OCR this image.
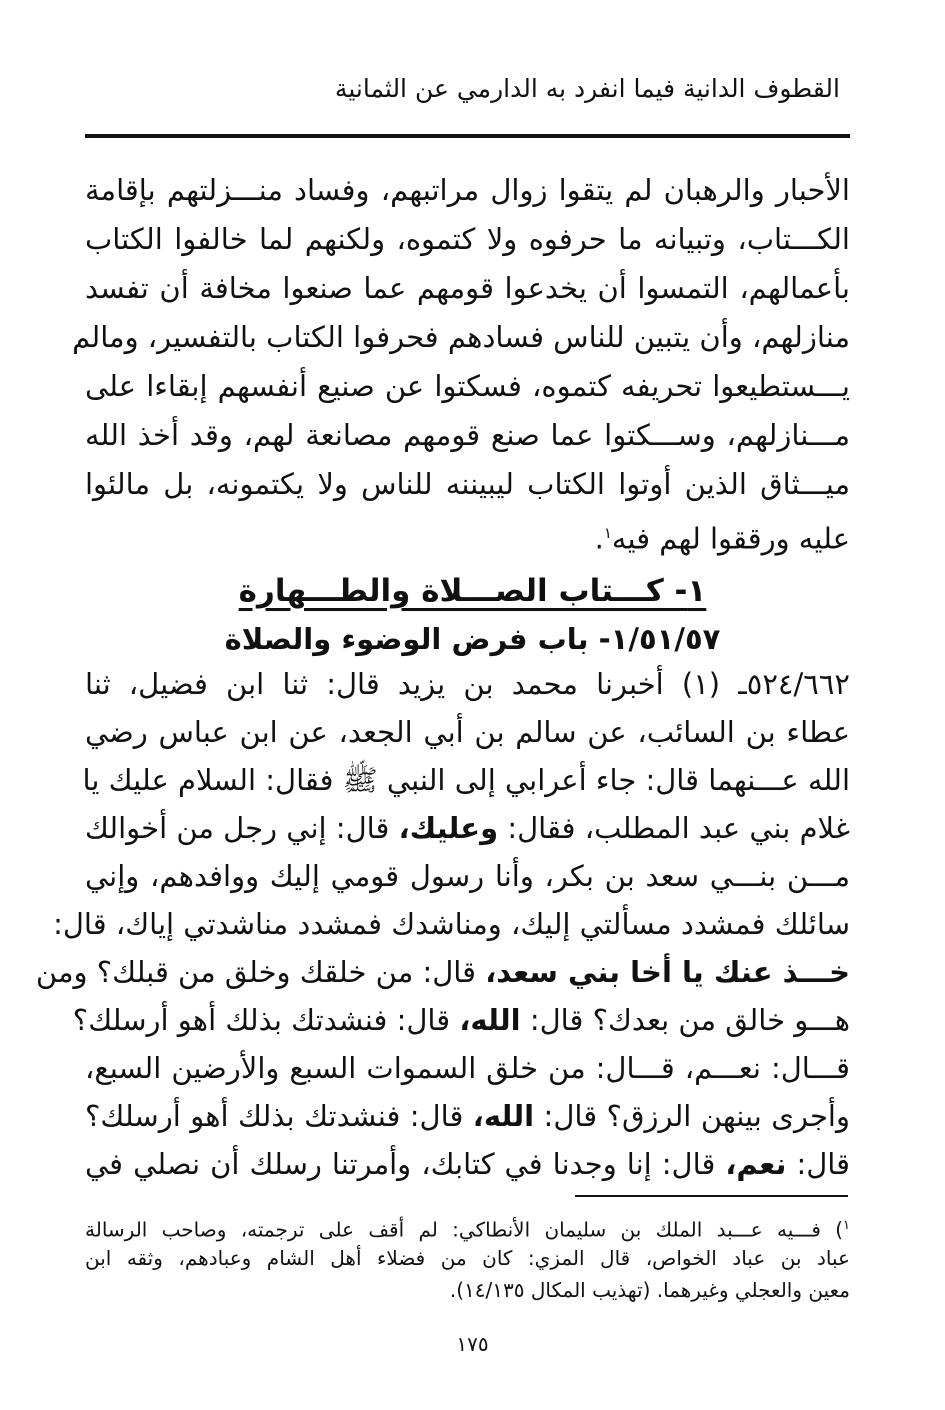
القطوف الدانية فيما انفرد به الدارمي عن الثمانية
الأحبار والرهبان لم يتقوا زوال مراتبهم، وفساد منـــزلتهم بإقامة
الكـــتاب، وتبيانه ما حرفوه ولا كتموه، ولكنهم لما خالفوا الكتاب
بأعمالهم، التمسوا أن يخدعوا قومهم عما صنعوا مخافة أن تفسد
منازلهم، وأن يتبين للناس فسادهم فحرفوا الكتاب بالتفسير، ومالم
يـــستطيعوا تحريفه كتموه، فسكتوا عن صنيع أنفسهم إبقاءا على
مـــنازلهم، وســـكتوا عما صنع قومهم مصانعة لهم، وقد أخذ الله
ميـــثاق الذين أوتوا الكتاب ليبيننه للناس ولا يكتمونه، بل مالئوا
عليه ورققوا لهم فيه$^١$.
١- كـــتاب الصـــلاة والطـــهارة
١/٥١/٥٧- باب فرض الوضوء والصلاة
٥٢٤/٦٦٢ـ (١) أخبرنا محمد بن يزيد قال: ثنا ابن فضيل، ثنا
عطاء بن السائب، عن سالم بن أبي الجعد، عن ابن عباس رضي
الله عـــنهما قال: جاء أعرابي إلى النبي ﷺ فقال: السلام عليك يا
غلام بني عبد المطلب، فقال: وعليك، قال: إني رجل من أخوالك
مـــن بنـــي سعد بن بكر، وأنا رسول قومي إليك ووافدهم، وإني
سائلك فمشدد مسألتي إليك، ومناشدك فمشدد مناشدتي إياك، قال:
خـــذ عنك يا أخا بني سعد، قال: من خلقك وخلق من قبلك؟ ومن
هـــو خالق من بعدك؟ قال: الله، قال: فنشدتك بذلك أهو أرسلك؟
قـــال: نعـــم، قـــال: من خلق السموات السبع والأرضين السبع،
وأجرى بينهن الرزق؟ قال: الله، قال: فنشدتك بذلك أهو أرسلك؟
قال: نعم، قال: إنا وجدنا في كتابك، وأمرتنا رسلك أن نصلي في
$^١$) فـــيه عـــبد الملك بن سليمان الأنطاكي: لم أقف على ترجمته، وصاحب الرسالة
عباد بن عباد الخواص، قال المزي: كان من فضلاء أهل الشام وعبادهم، وثقه ابن
معين والعجلي وغيرهما. (تهذيب المكال ١٤/١٣٥).
١٧٥
